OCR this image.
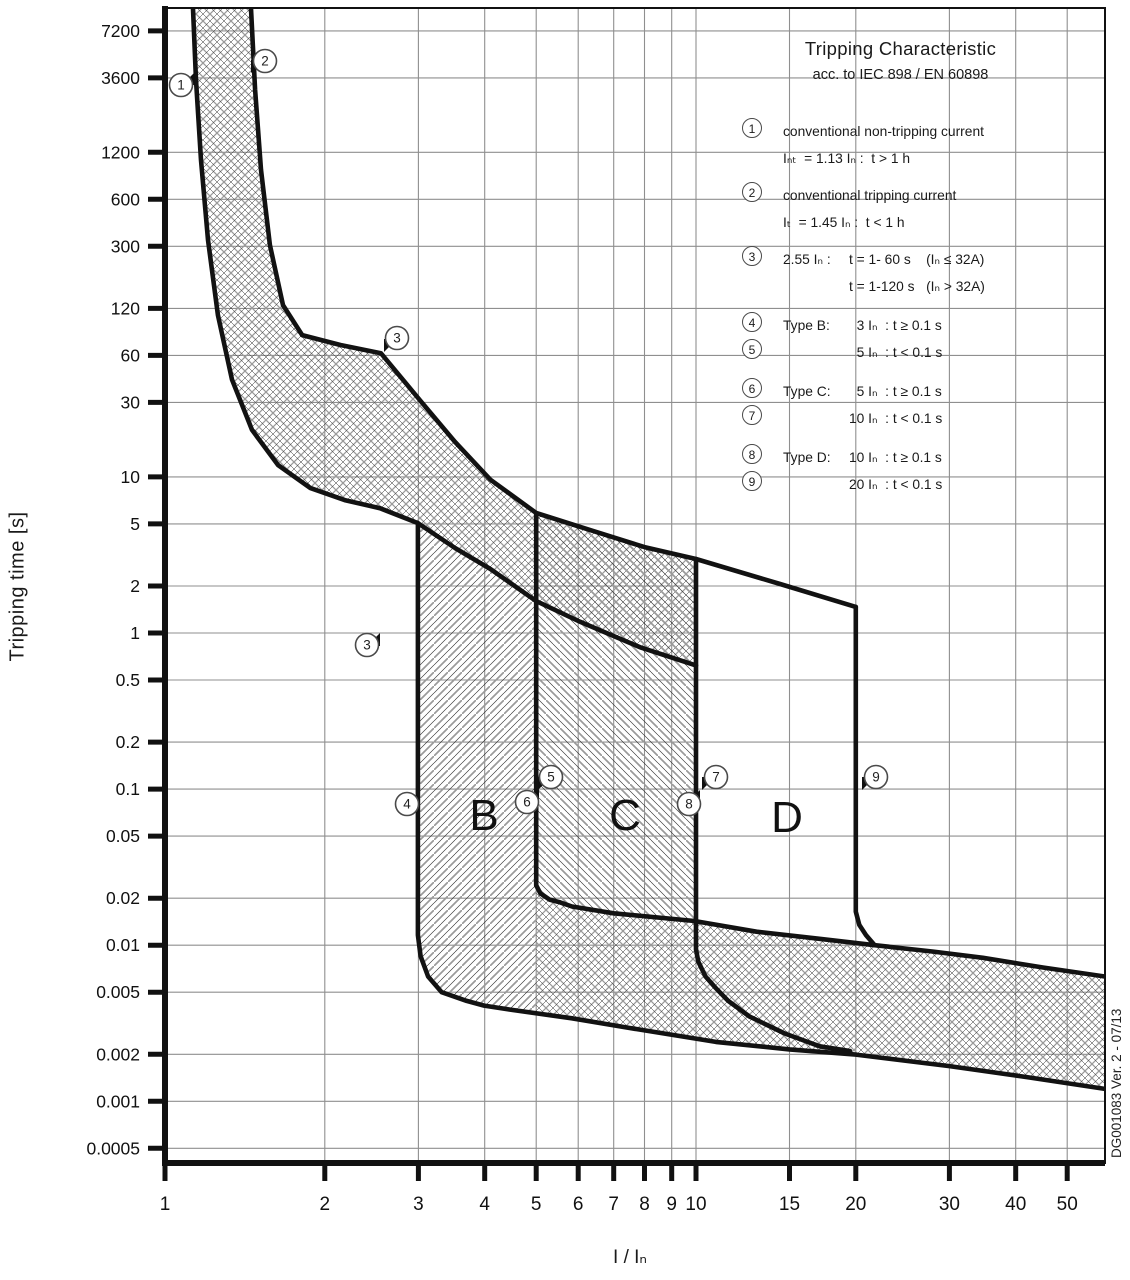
7200
3600
1200
600
300
120
60
30
10
5
2
1
0.5
0.2
0.1
0.05
0.02
0.01
0.005
0.002
0.001
0.0005
1	2	3	4 5 6 7 8 9 10	15 20	30 40 50
B	C	D
1
2
3
3
4
5
6
7
8
9
DG001083 Ver. 2 - 07/13
Tripping time [s]
I / Iₙ
Tripping Characteristic
acc. to IEC 898 / EN 60898
1	conventional non-tripping current
Iₙₜ  = 1.13 Iₙ :  t > 1 h
2	conventional tripping current
Iₜ  = 1.45 Iₙ :  t < 1 h
3	2.55 Iₙ :	t = 1- 60 s    (Iₙ ≤ 32A)

t = 1-120 s   (Iₙ > 32A)
4
5
Type B:	3 Iₙ  : t ≥ 0.1 s

5 Iₙ  : t < 0.1 s
6
7
Type C:	5 Iₙ  : t ≥ 0.1 s

10 Iₙ  : t < 0.1 s
8
9
Type D:	10 Iₙ  : t ≥ 0.1 s

20 Iₙ  : t < 0.1 s
